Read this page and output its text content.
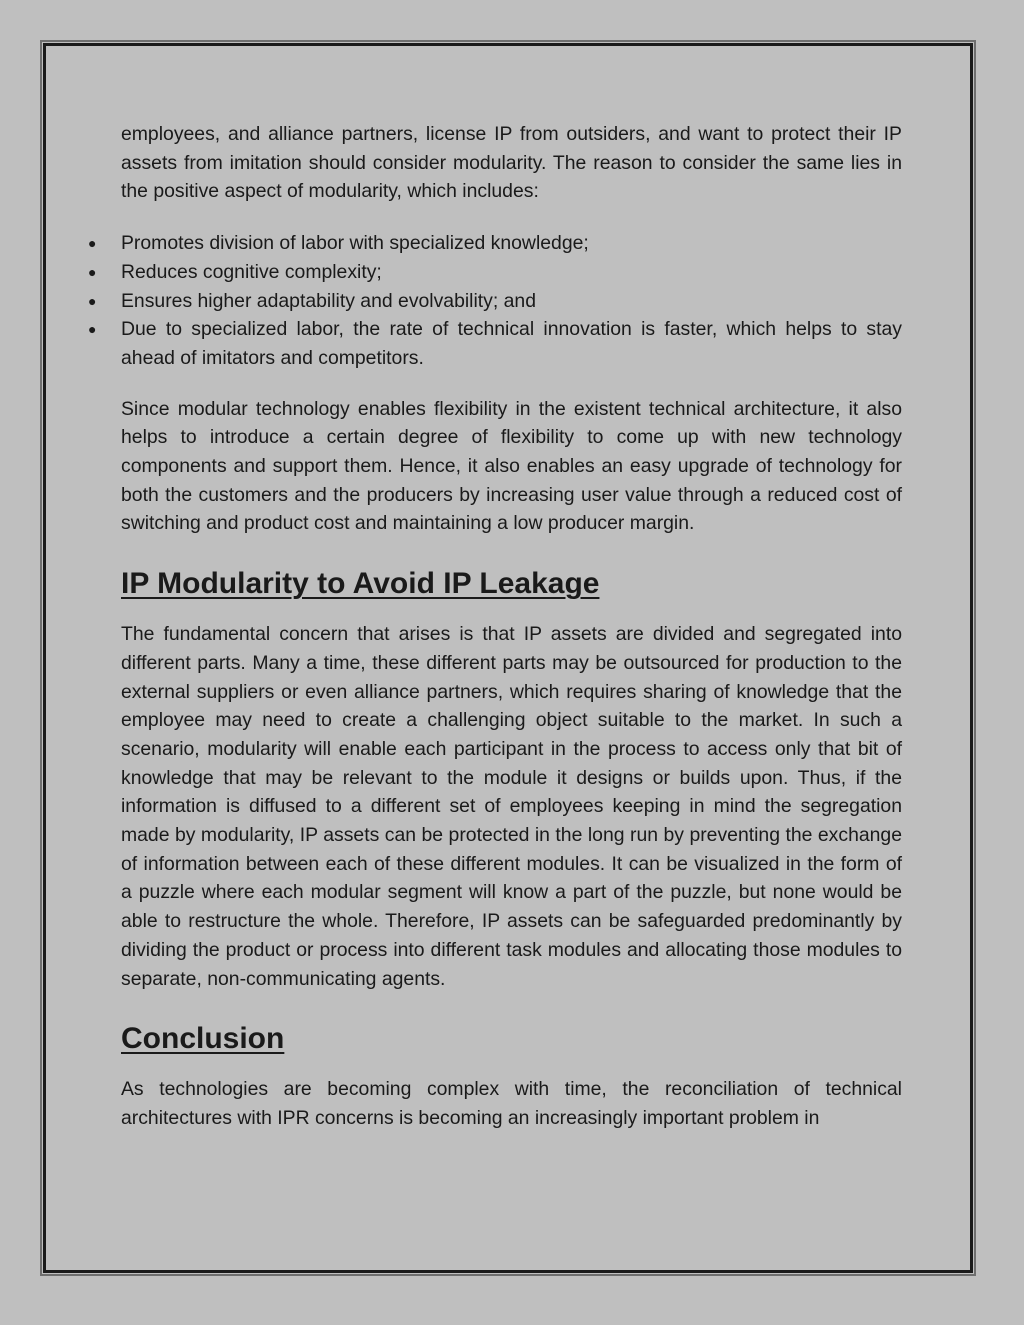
employees, and alliance partners, license IP from outsiders, and want to protect their IP assets from imitation should consider modularity. The reason to consider the same lies in the positive aspect of modularity, which includes:

● Promotes division of labor with specialized knowledge;
● Reduces cognitive complexity;
● Ensures higher adaptability and evolvability; and
● Due to specialized labor, the rate of technical innovation is faster, which helps to stay ahead of imitators and competitors.

Since modular technology enables flexibility in the existent technical architecture, it also helps to introduce a certain degree of flexibility to come up with new technology components and support them. Hence, it also enables an easy upgrade of technology for both the customers and the producers by increasing user value through a reduced cost of switching and product cost and maintaining a low producer margin.

IP Modularity to Avoid IP Leakage

The fundamental concern that arises is that IP assets are divided and segregated into different parts. Many a time, these different parts may be outsourced for production to the external suppliers or even alliance partners, which requires sharing of knowledge that the employee may need to create a challenging object suitable to the market. In such a scenario, modularity will enable each participant in the process to access only that bit of knowledge that may be relevant to the module it designs or builds upon. Thus, if the information is diffused to a different set of employees keeping in mind the segregation made by modularity, IP assets can be protected in the long run by preventing the exchange of information between each of these different modules. It can be visualized in the form of a puzzle where each modular segment will know a part of the puzzle, but none would be able to restructure the whole. Therefore, IP assets can be safeguarded predominantly by dividing the product or process into different task modules and allocating those modules to separate, non-communicating agents.

Conclusion

As technologies are becoming complex with time, the reconciliation of technical architectures with IPR concerns is becoming an increasingly important problem in
